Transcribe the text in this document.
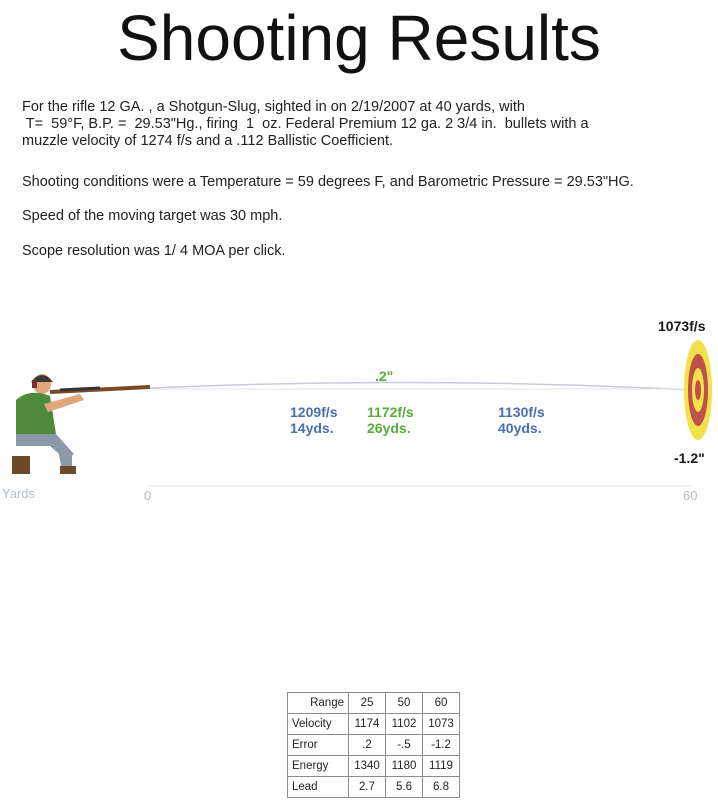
Shooting Results
For the rifle 12 GA. , a Shotgun-Slug, sighted in on 2/19/2007 at 40 yards, with
T=  59°F, B.P. =  29.53"Hg., firing  1  oz. Federal Premium 12 ga. 2 3/4 in.  bullets with a
muzzle velocity of 1274 f/s and a .112 Ballistic Coefficient.
Shooting conditions were a Temperature = 59 degrees F, and Barometric Pressure = 29.53"HG.
Speed of the moving target was 30 mph.
Scope resolution was 1/ 4 MOA per click.
1073f/s
.2"
1209f/s
14yds.
1172f/s
26yds.
1130f/s
40yds.
-1.2"
Yards	0	60
Range	25	50	60
Velocity	1174	1102	1073
Error	.2	-.5	-1.2
Energy	1340	1180	1119
Lead	2.7	5.6	6.8
